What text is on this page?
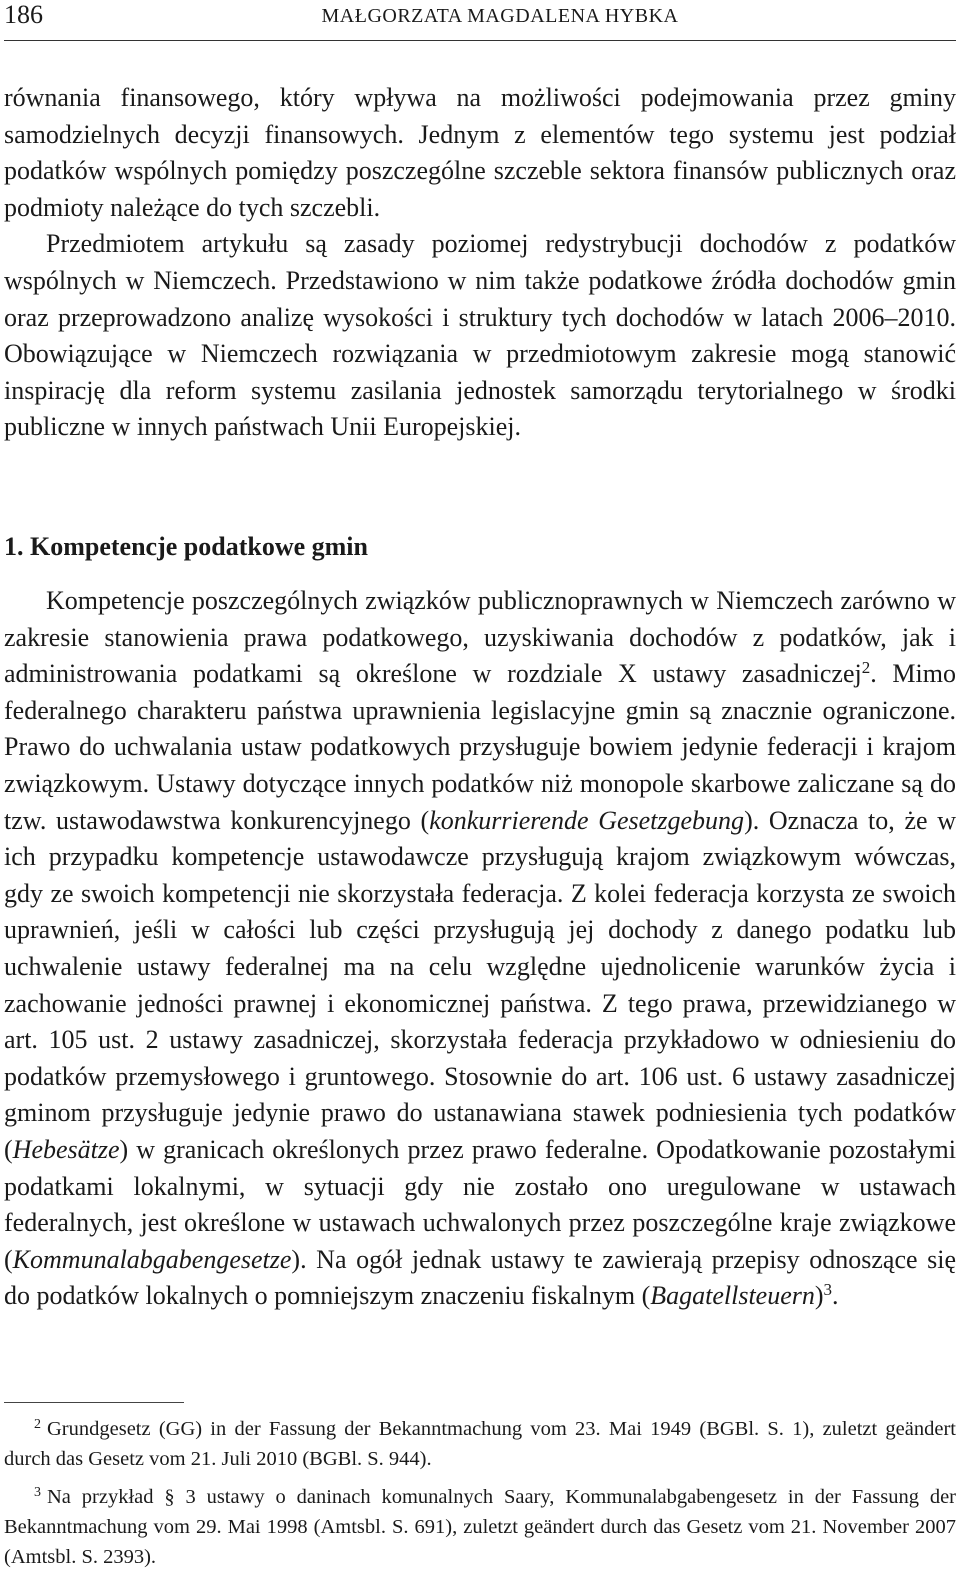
186	MAŁGORZATA MAGDALENA HYBKA

równania finansowego, który wpływa na możliwości podejmowania przez gminy samodzielnych decyzji finansowych. Jednym z elementów tego systemu jest podział podatków wspólnych pomiędzy poszczególne szczeble sektora finansów publicznych oraz podmioty należące do tych szczebli.

Przedmiotem artykułu są zasady poziomej redystrybucji dochodów z podatków wspólnych w Niemczech. Przedstawiono w nim także podatkowe źródła dochodów gmin oraz przeprowadzono analizę wysokości i struktury tych dochodów w latach 2006–2010. Obowiązujące w Niemczech rozwiązania w przedmiotowym zakresie mogą stanowić inspirację dla reform systemu zasilania jednostek samorządu terytorialnego w środki publiczne w innych państwach Unii Europejskiej.

1. Kompetencje podatkowe gmin

Kompetencje poszczególnych związków publicznoprawnych w Niemczech zarówno w zakresie stanowienia prawa podatkowego, uzyskiwania dochodów z podatków, jak i administrowania podatkami są określone w rozdziale X ustawy zasadniczej$^2$. Mimo federalnego charakteru państwa uprawnienia legislacyjne gmin są znacznie ograniczone. Prawo do uchwalania ustaw podatkowych przysługuje bowiem jedynie federacji i krajom związkowym. Ustawy dotyczące innych podatków niż monopole skarbowe zaliczane są do tzw. ustawodawstwa konkurencyjnego (konkurrierende Gesetzgebung). Oznacza to, że w ich przypadku kompetencje ustawodawcze przysługują krajom związkowym wówczas, gdy ze swoich kompetencji nie skorzystała federacja. Z kolei federacja korzysta ze swoich uprawnień, jeśli w całości lub części przysługują jej dochody z danego podatku lub uchwalenie ustawy federalnej ma na celu względne ujednolicenie warunków życia i zachowanie jedności prawnej i ekonomicznej państwa. Z tego prawa, przewidzianego w art. 105 ust. 2 ustawy zasadniczej, skorzystała federacja przykładowo w odniesieniu do podatków przemysłowego i gruntowego. Stosownie do art. 106 ust. 6 ustawy zasadniczej gminom przysługuje jedynie prawo do ustanawiana stawek podniesienia tych podatków (Hebesätze) w granicach określonych przez prawo federalne. Opodatkowanie pozostałymi podatkami lokalnymi, w sytuacji gdy nie zostało ono uregulowane w ustawach federalnych, jest określone w ustawach uchwalonych przez poszczególne kraje związkowe (Kommunalabgabengesetze). Na ogół jednak ustawy te zawierają przepisy odnoszące się do podatków lokalnych o pomniejszym znaczeniu fiskalnym (Bagatellsteuern)$^3$.

$^2$ Grundgesetz (GG) in der Fassung der Bekanntmachung vom 23. Mai 1949 (BGBl. S. 1), zuletzt geändert durch das Gesetz vom 21. Juli 2010 (BGBl. S. 944).

$^3$ Na przykład § 3 ustawy o daninach komunalnych Saary, Kommunalabgabengesetz in der Fassung der Bekanntmachung vom 29. Mai 1998 (Amtsbl. S. 691), zuletzt geändert durch das Gesetz vom 21. November 2007 (Amtsbl. S. 2393).
